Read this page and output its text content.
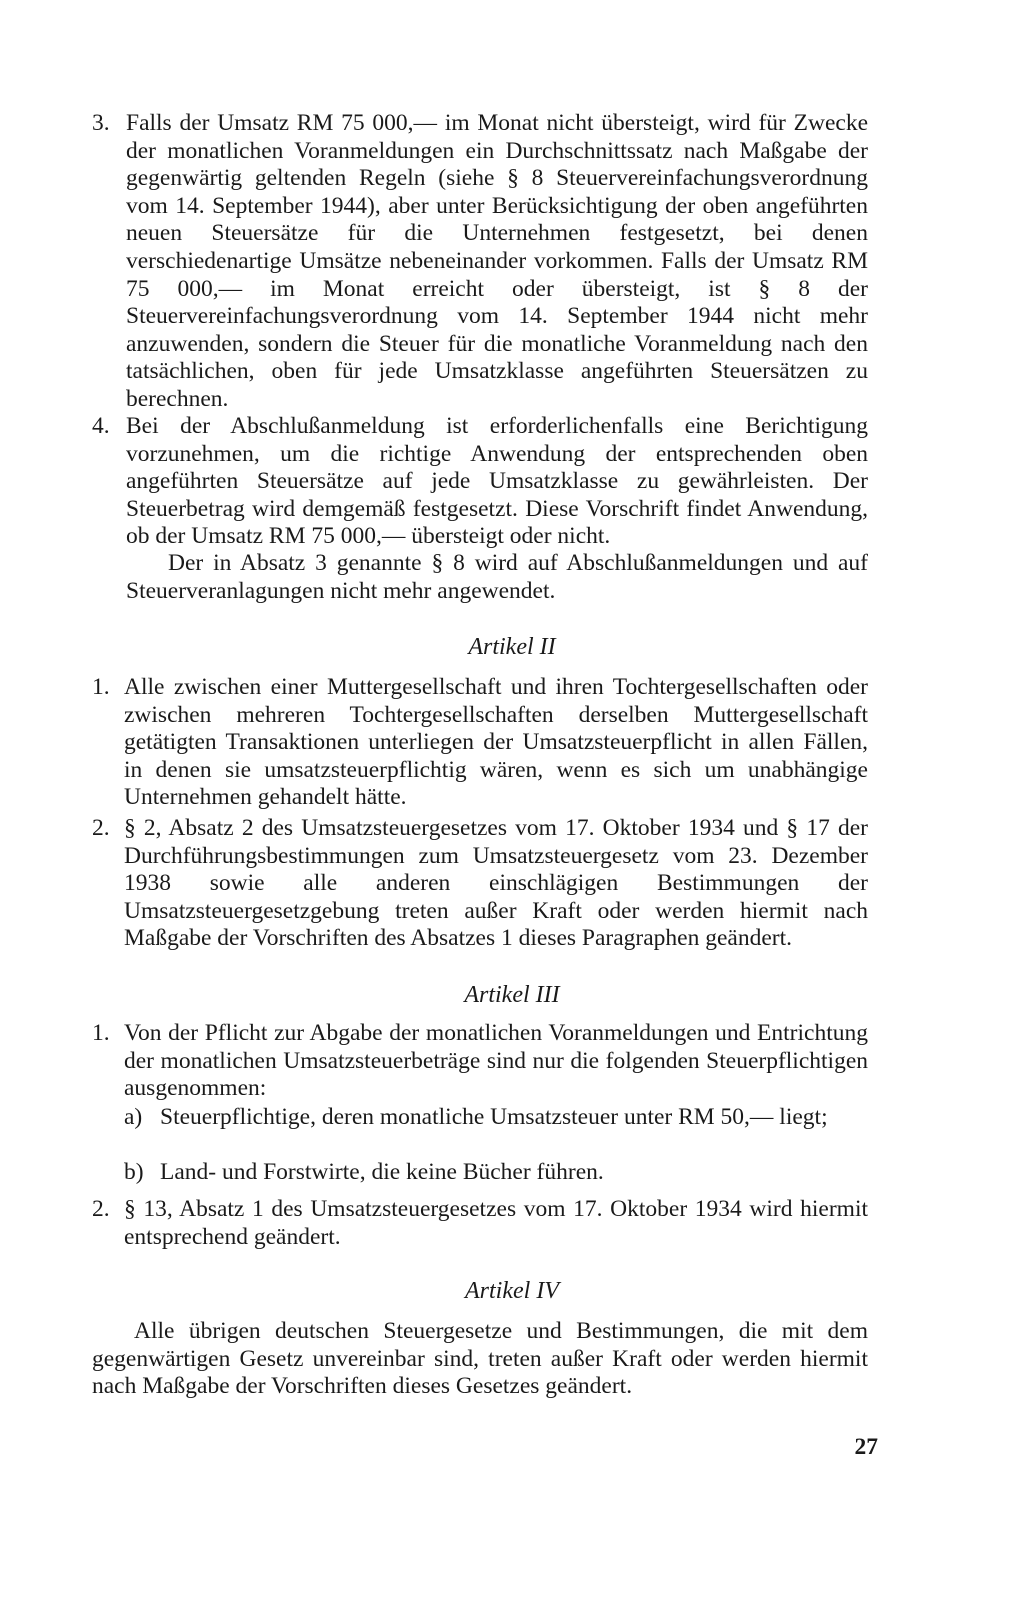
3. Falls der Umsatz RM 75 000,— im Monat nicht übersteigt, wird für Zwecke der monatlichen Voranmeldungen ein Durchschnittssatz nach Maßgabe der gegenwärtig geltenden Regeln (siehe § 8 Steuervereinfachungsverordnung vom 14. September 1944), aber unter Berücksichtigung der oben angeführten neuen Steuersätze für die Unternehmen festgesetzt, bei denen verschiedenartige Umsätze nebeneinander vorkommen. Falls der Umsatz RM 75 000,— im Monat erreicht oder übersteigt, ist § 8 der Steuervereinfachungsverordnung vom 14. September 1944 nicht mehr anzuwenden, sondern die Steuer für die monatliche Voranmeldung nach den tatsächlichen, oben für jede Umsatzklasse angeführten Steuersätzen zu berechnen.
4. Bei der Abschlußanmeldung ist erforderlichenfalls eine Berichtigung vorzunehmen, um die richtige Anwendung der entsprechenden oben angeführten Steuersätze auf jede Umsatzklasse zu gewährleisten. Der Steuerbetrag wird demgemäß festgesetzt. Diese Vorschrift findet Anwendung, ob der Umsatz RM 75 000,— übersteigt oder nicht.
Der in Absatz 3 genannte § 8 wird auf Abschlußanmeldungen und auf Steuerveranlagungen nicht mehr angewendet.
Artikel II
1. Alle zwischen einer Muttergesellschaft und ihren Tochtergesellschaften oder zwischen mehreren Tochtergesellschaften derselben Muttergesellschaft getätigten Transaktionen unterliegen der Umsatzsteuerpflicht in allen Fällen, in denen sie umsatzsteuerpflichtig wären, wenn es sich um unabhängige Unternehmen gehandelt hätte.
2. § 2, Absatz 2 des Umsatzsteuergesetzes vom 17. Oktober 1934 und § 17 der Durchführungsbestimmungen zum Umsatzsteuergesetz vom 23. Dezember 1938 sowie alle anderen einschlägigen Bestimmungen der Umsatzsteuergesetzgebung treten außer Kraft oder werden hiermit nach Maßgabe der Vorschriften des Absatzes 1 dieses Paragraphen geändert.
Artikel III
1. Von der Pflicht zur Abgabe der monatlichen Voranmeldungen und Entrichtung der monatlichen Umsatzsteuerbeträge sind nur die folgenden Steuerpflichtigen ausgenommen:
a) Steuerpflichtige, deren monatliche Umsatzsteuer unter RM 50,— liegt;
b) Land- und Forstwirte, die keine Bücher führen.
2. § 13, Absatz 1 des Umsatzsteuergesetzes vom 17. Oktober 1934 wird hiermit entsprechend geändert.
Artikel IV
Alle übrigen deutschen Steuergesetze und Bestimmungen, die mit dem gegenwärtigen Gesetz unvereinbar sind, treten außer Kraft oder werden hiermit nach Maßgabe der Vorschriften dieses Gesetzes geändert.
27
